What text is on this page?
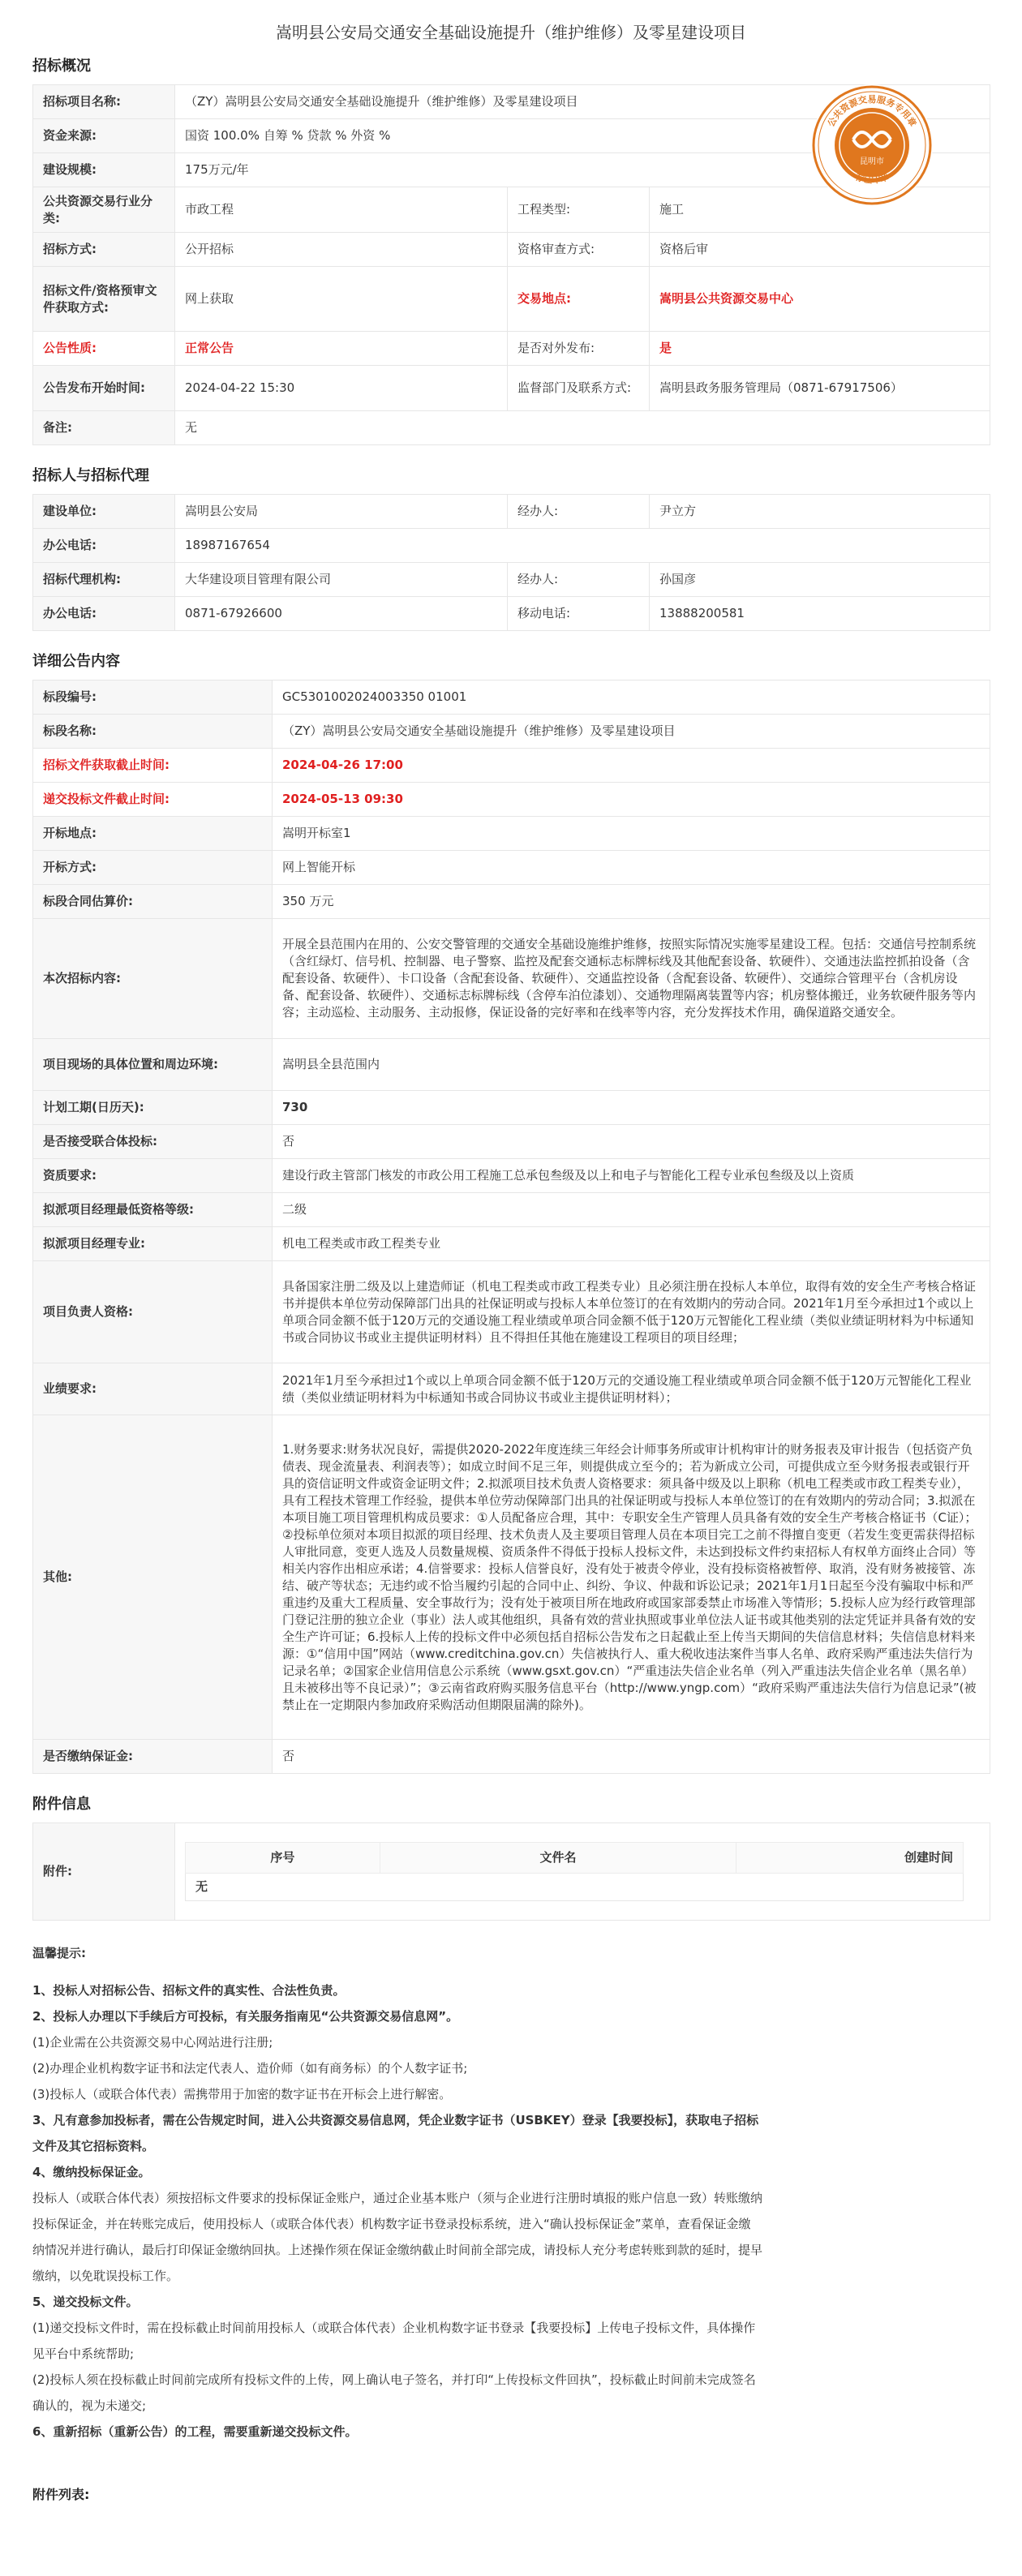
嵩明县公安局交通安全基础设施提升（维护维修）及零星建设项目
招标概况
招标项目名称:	（ZY）嵩明县公安局交通安全基础设施提升（维护维修）及零星建设项目		
资金来源:	国资 100.0% 自筹 % 贷款 % 外资 %		
建设规模:	175万元/年		
公共资源交易行业分类:	市政工程	工程类型:	施工
招标方式:	公开招标	资格审查方式:	资格后审
招标文件/资格预审文件获取方式:	网上获取	交易地点:	嵩明县公共资源交易中心
公告性质:	正常公告	是否对外发布:	是
公告发布开始时间:	2024-04-22 15:30	监督部门及联系方式:	嵩明县政务服务管理局（0871-67917506）
备注:	无		
昆明市
公共资源交易服务专用章
存证印章
招标人与招标代理
建设单位:	嵩明县公安局	经办人:	尹立方
办公电话:	18987167654		
招标代理机构:	大华建设项目管理有限公司	经办人:	孙国彦
办公电话:	0871-67926600	移动电话:	13888200581
详细公告内容
标段编号:	GC5301002024003350 01001
标段名称:	（ZY）嵩明县公安局交通安全基础设施提升（维护维修）及零星建设项目
招标文件获取截止时间:	2024-04-26 17:00
递交投标文件截止时间:	2024-05-13 09:30
开标地点:	嵩明开标室1
开标方式:	网上智能开标
标段合同估算价:	350 万元
本次招标内容:	开展全县范围内在用的、公安交警管理的交通安全基础设施维护维修，按照实际情况实施零星建设工程。包括：交通信号控制系统（含红绿灯、信号机、控制器、电子警察、监控及配套交通标志标牌标线及其他配套设备、软硬件）、交通违法监控抓拍设备（含配套设备、软硬件）、卡口设备（含配套设备、软硬件）、交通监控设备（含配套设备、软硬件）、交通综合管理平台（含机房设备、配套设备、软硬件）、交通标志标牌标线（含停车泊位漆划）、交通物理隔离装置等内容；机房整体搬迁，业务软硬件服务等内容；主动巡检、主动服务、主动报修，保证设备的完好率和在线率等内容，充分发挥技术作用，确保道路交通安全。
项目现场的具体位置和周边环境:	嵩明县全县范围内
计划工期(日历天):	730
是否接受联合体投标:	否
资质要求:	建设行政主管部门核发的市政公用工程施工总承包叁级及以上和电子与智能化工程专业承包叁级及以上资质
拟派项目经理最低资格等级:	二级
拟派项目经理专业:	机电工程类或市政工程类专业
项目负责人资格:	具备国家注册二级及以上建造师证（机电工程类或市政工程类专业）且必须注册在投标人本单位，取得有效的安全生产考核合格证书并提供本单位劳动保障部门出具的社保证明或与投标人本单位签订的在有效期内的劳动合同。2021年1月至今承担过1个或以上单项合同金额不低于120万元的交通设施工程业绩或单项合同金额不低于120万元智能化工程业绩（类似业绩证明材料为中标通知书或合同协议书或业主提供证明材料）且不得担任其他在施建设工程项目的项目经理；
业绩要求:	2021年1月至今承担过1个或以上单项合同金额不低于120万元的交通设施工程业绩或单项合同金额不低于120万元智能化工程业绩（类似业绩证明材料为中标通知书或合同协议书或业主提供证明材料）；
其他:	1.财务要求:财务状况良好，需提供2020-2022年度连续三年经会计师事务所或审计机构审计的财务报表及审计报告（包括资产负债表、现金流量表、利润表等）；如成立时间不足三年，则提供成立至今的；若为新成立公司，可提供成立至今财务报表或银行开具的资信证明文件或资金证明文件；2.拟派项目技术负责人资格要求：须具备中级及以上职称（机电工程类或市政工程类专业），具有工程技术管理工作经验，提供本单位劳动保障部门出具的社保证明或与投标人本单位签订的在有效期内的劳动合同；3.拟派在本项目施工项目管理机构成员要求：①人员配备应合理，其中：专职安全生产管理人员具备有效的安全生产考核合格证书（C证）；②投标单位须对本项目拟派的项目经理、技术负责人及主要项目管理人员在本项目完工之前不得擅自变更（若发生变更需获得招标人审批同意，变更人选及人员数量规模、资质条件不得低于投标人投标文件，未达到投标文件约束招标人有权单方面终止合同）等相关内容作出相应承诺；4.信誉要求：投标人信誉良好，没有处于被责令停业，没有投标资格被暂停、取消，没有财务被接管、冻结、破产等状态；无违约或不恰当履约引起的合同中止、纠纷、争议、仲裁和诉讼记录；2021年1月1日起至今没有骗取中标和严重违约及重大工程质量、安全事故行为；没有处于被项目所在地政府或国家部委禁止市场准入等情形；5.投标人应为经行政管理部门登记注册的独立企业（事业）法人或其他组织，具备有效的营业执照或事业单位法人证书或其他类别的法定凭证并具备有效的安全生产许可证；6.投标人上传的投标文件中必须包括自招标公告发布之日起截止至上传当天期间的失信信息材料；失信信息材料来源：①“信用中国”网站（www.creditchina.gov.cn）失信被执行人、重大税收违法案件当事人名单、政府采购严重违法失信行为记录名单；②国家企业信用信息公示系统（www.gsxt.gov.cn）“严重违法失信企业名单（列入严重违法失信企业名单（黑名单）且未被移出等不良记录）”；③云南省政府购买服务信息平台（http://www.yngp.com）“政府采购严重违法失信行为信息记录”(被禁止在一定期限内参加政府采购活动但期限届满的除外)。
是否缴纳保证金:	否
附件信息
附件:	
序号	文件名	创建时间
无
温馨提示:
1、投标人对招标公告、招标文件的真实性、合法性负责。
2、投标人办理以下手续后方可投标，有关服务指南见“公共资源交易信息网”。
(1)企业需在公共资源交易中心网站进行注册;
(2)办理企业机构数字证书和法定代表人、造价师（如有商务标）的个人数字证书;
(3)投标人（或联合体代表）需携带用于加密的数字证书在开标会上进行解密。
3、凡有意参加投标者，需在公告规定时间，进入公共资源交易信息网，凭企业数字证书（USBKEY）登录【我要投标】，获取电子招标文件及其它招标资料。
4、缴纳投标保证金。
投标人（或联合体代表）须按招标文件要求的投标保证金账户，通过企业基本账户（须与企业进行注册时填报的账户信息一致）转账缴纳投标保证金，并在转账完成后，使用投标人（或联合体代表）机构数字证书登录投标系统，进入“确认投标保证金”菜单，查看保证金缴纳情况并进行确认，最后打印保证金缴纳回执。上述操作须在保证金缴纳截止时间前全部完成，请投标人充分考虑转账到款的延时，提早缴纳，以免耽误投标工作。
5、递交投标文件。
(1)递交投标文件时，需在投标截止时间前用投标人（或联合体代表）企业机构数字证书登录【我要投标】上传电子投标文件，具体操作见平台中系统帮助;
(2)投标人须在投标截止时间前完成所有投标文件的上传，网上确认电子签名，并打印“上传投标文件回执”，投标截止时间前未完成签名确认的，视为未递交;
6、重新招标（重新公告）的工程，需要重新递交投标文件。
附件列表:
